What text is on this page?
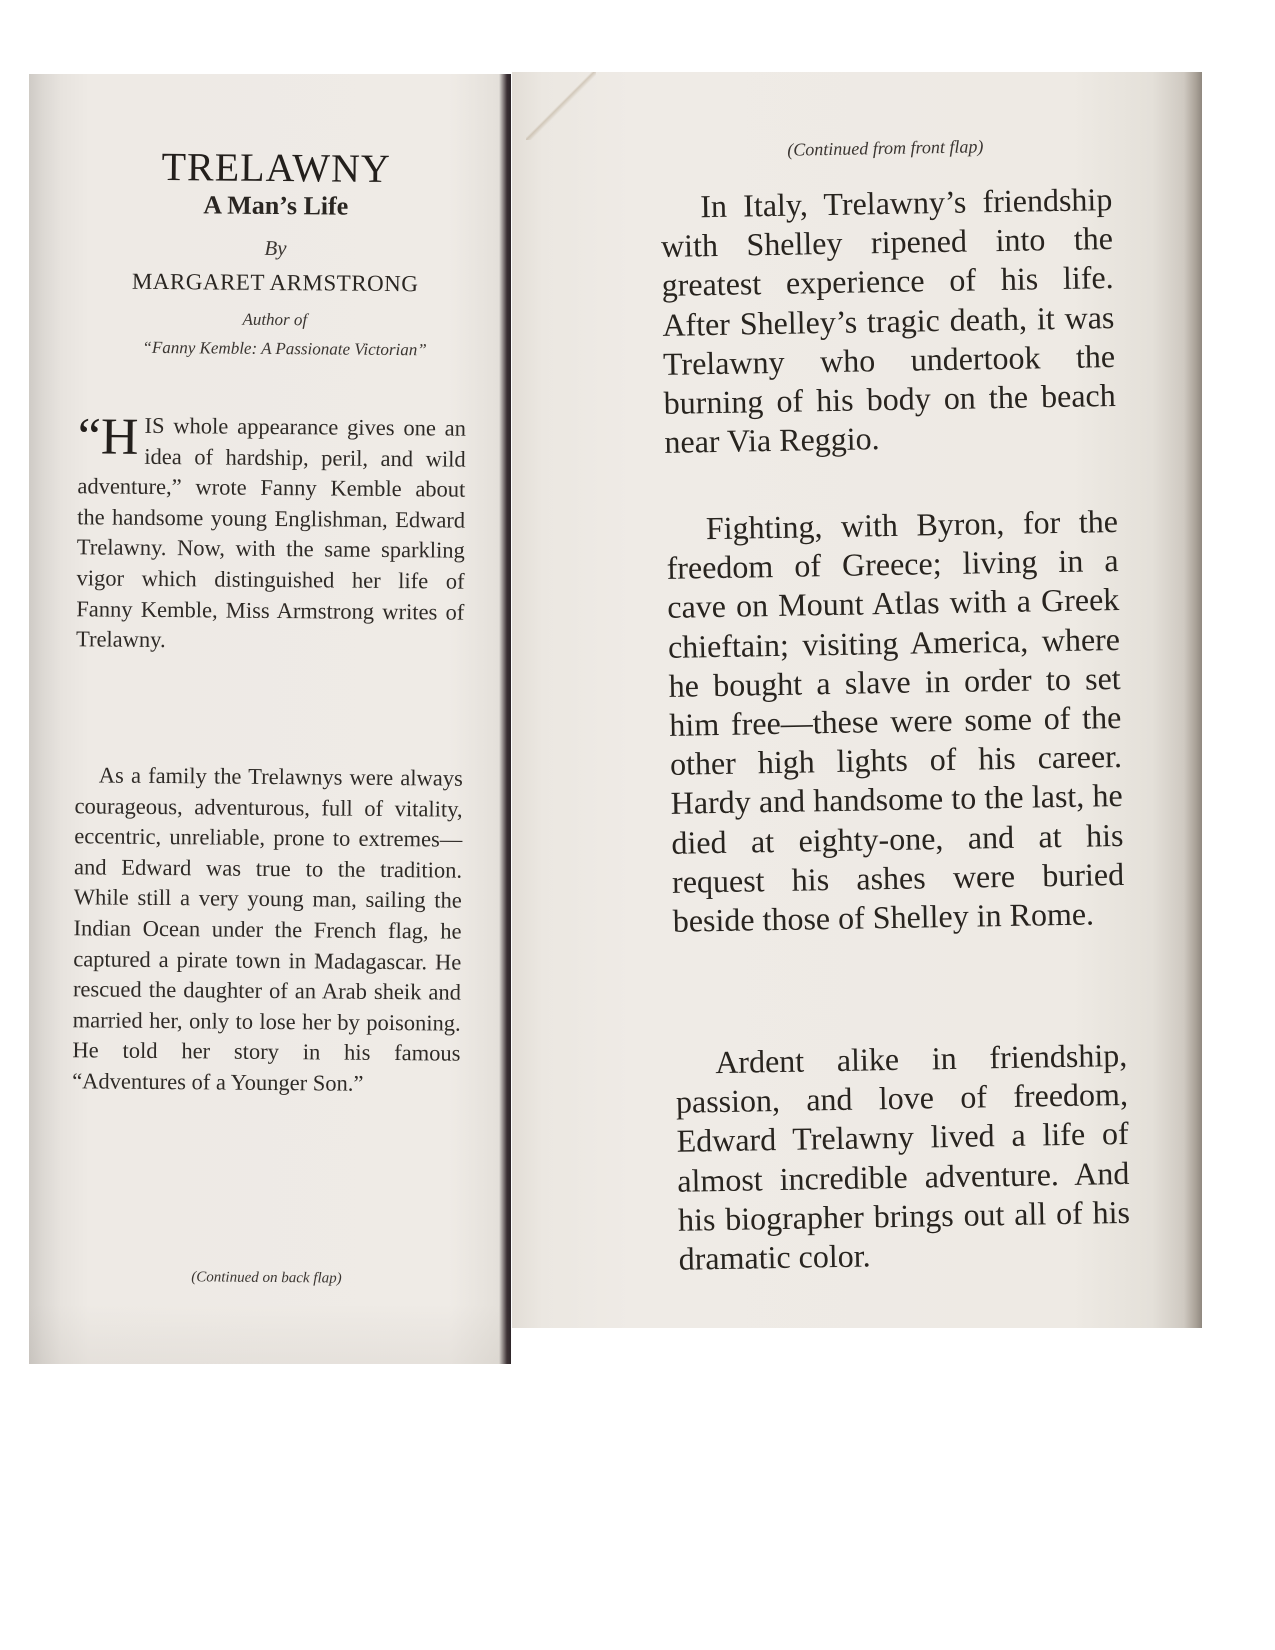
TRELAWNY
A Man’s Life
By
MARGARET ARMSTRONG
Author of
“Fanny Kemble: A Passionate Victorian”
“HIS whole appearance gives one an idea of hardship, peril, and wild adventure,” wrote Fanny Kemble about the handsome young Englishman, Edward Trelawny. Now, with the same sparkling vigor which distinguished her life of Fanny Kemble, Miss Armstrong writes of Trelawny.
As a family the Trelawnys were always courageous, adventurous, full of vitality, eccentric, unreliable, prone to extremes—and Edward was true to the tradition. While still a very young man, sailing the Indian Ocean under the French flag, he captured a pirate town in Madagascar. He rescued the daughter of an Arab sheik and married her, only to lose her by poisoning. He told her story in his famous “Adventures of a Younger Son.”
(Continued on back flap)
(Continued from front flap)
In Italy, Trelawny’s friendship with Shelley ripened into the greatest experience of his life. After Shelley’s tragic death, it was Trelawny who undertook the burning of his body on the beach near Via Reggio.
Fighting, with Byron, for the freedom of Greece; living in a cave on Mount Atlas with a Greek chieftain; visiting America, where he bought a slave in order to set him free—these were some of the other high lights of his career. Hardy and handsome to the last, he died at eighty-one, and at his request his ashes were buried beside those of Shelley in Rome.
Ardent alike in friendship, passion, and love of freedom, Edward Trelawny lived a life of almost incredible adventure. And his biographer brings out all of his dramatic color.
